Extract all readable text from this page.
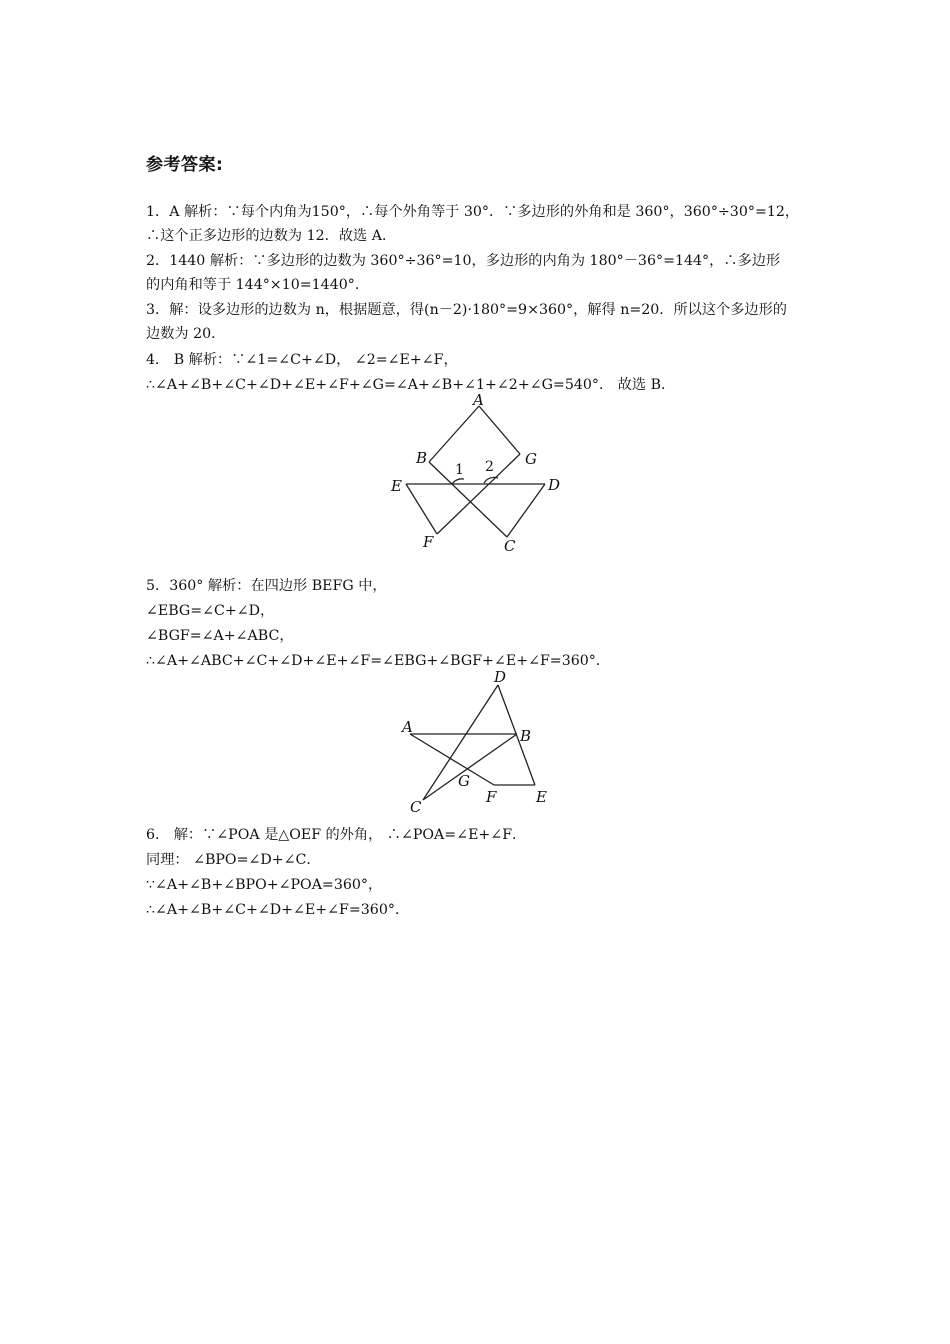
参考答案:
1．A 解析：∵每个内角为150°，∴每个外角等于 30°．∵多边形的外角和是 360°，360°÷30°=12，
∴这个正多边形的边数为 12．故选 A．
2．1440 解析：∵多边形的边数为 360°÷36°=10，多边形的内角为 180°－36°=144°，∴多边形
的内角和等于 144°×10=1440°．
3．解：设多边形的边数为 n，根据题意，得(n－2)·180°=9×360°，解得 n=20．所以这个多边形的
边数为 20．
4． B 解析：∵∠1=∠C+∠D， ∠2=∠E+∠F，
∴∠A+∠B+∠C+∠D+∠E+∠F+∠G=∠A+∠B+∠1+∠2+∠G=540°． 故选 B．
A
B	G
E	D
F	C
1 2
5．360° 解析：在四边形 BEFG 中，
∠EBG=∠C+∠D，
∠BGF=∠A+∠ABC，
∴∠A+∠ABC+∠C+∠D+∠E+∠F=∠EBG+∠BGF+∠E+∠F=360°．
D
A	B
G
F	E
C
6． 解：∵∠POA 是△OEF 的外角， ∴∠POA=∠E+∠F．
同理： ∠BPO=∠D+∠C．
∵∠A+∠B+∠BPO+∠POA=360°，
∴∠A+∠B+∠C+∠D+∠E+∠F=360°．
